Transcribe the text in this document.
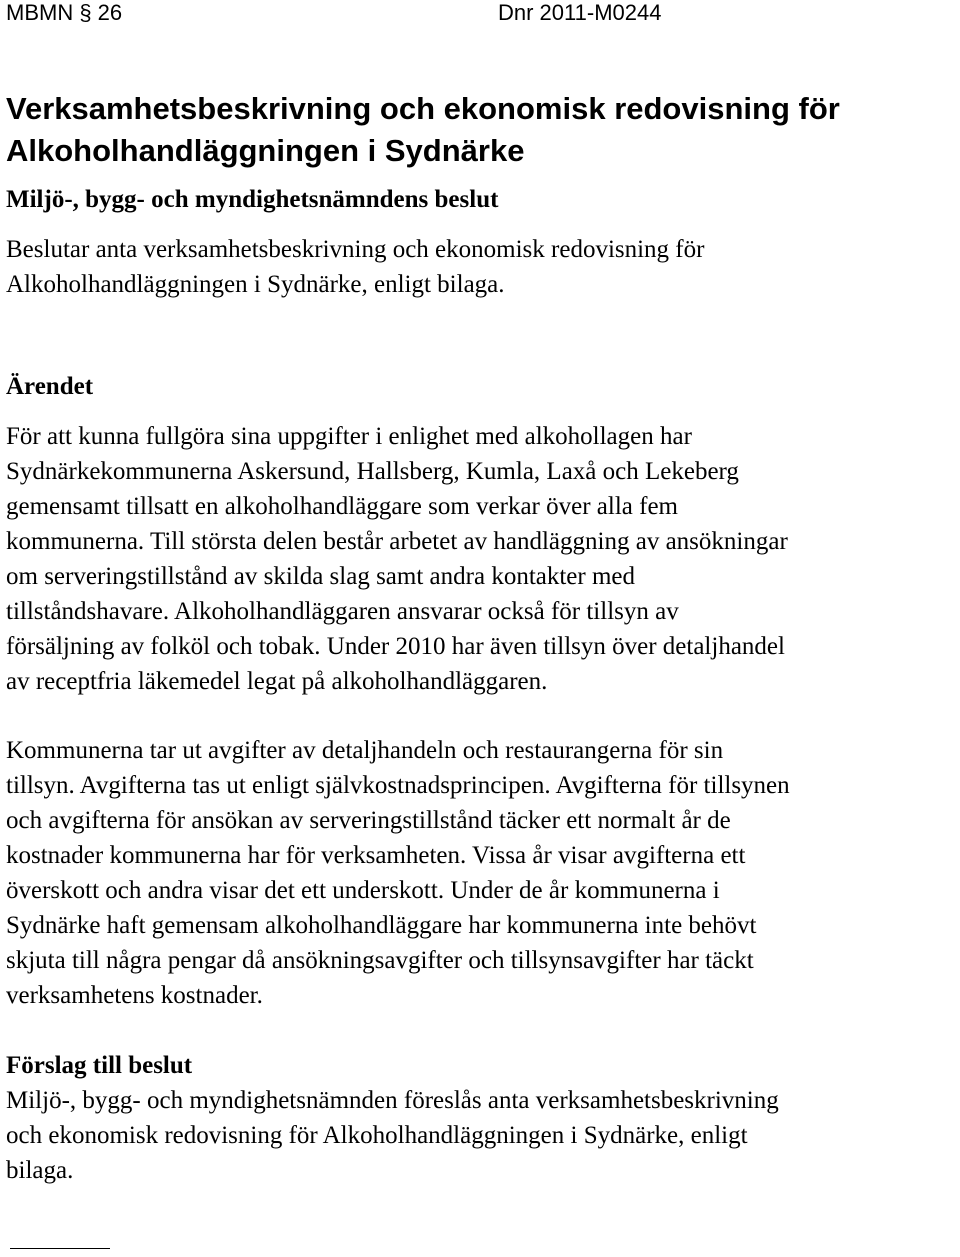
MBMN § 26	Dnr 2011-M0244
Verksamhetsbeskrivning och ekonomisk redovisning för
Alkoholhandläggningen i Sydnärke
Miljö-, bygg- och myndighetsnämndens beslut

Beslutar anta verksamhetsbeskrivning och ekonomisk redovisning för
Alkoholhandläggningen i Sydnärke, enligt bilaga.

Ärendet

För att kunna fullgöra sina uppgifter i enlighet med alkohollagen har
Sydnärkekommunerna Askersund, Hallsberg, Kumla, Laxå och Lekeberg
gemensamt tillsatt en alkoholhandläggare som verkar över alla fem
kommunerna. Till största delen består arbetet av handläggning av ansökningar
om serveringstillstånd av skilda slag samt andra kontakter med
tillståndshavare. Alkoholhandläggaren ansvarar också för tillsyn av
försäljning av folköl och tobak. Under 2010 har även tillsyn över detaljhandel
av receptfria läkemedel legat på alkoholhandläggaren.

Kommunerna tar ut avgifter av detaljhandeln och restaurangerna för sin
tillsyn. Avgifterna tas ut enligt självkostnadsprincipen. Avgifterna för tillsynen
och avgifterna för ansökan av serveringstillstånd täcker ett normalt år de
kostnader kommunerna har för verksamheten. Vissa år visar avgifterna ett
överskott och andra visar det ett underskott. Under de år kommunerna i
Sydnärke haft gemensam alkoholhandläggare har kommunerna inte behövt
skjuta till några pengar då ansökningsavgifter och tillsynsavgifter har täckt
verksamhetens kostnader.

Förslag till beslut

Miljö-, bygg- och myndighetsnämnden föreslås anta verksamhetsbeskrivning
och ekonomisk redovisning för Alkoholhandläggningen i Sydnärke, enligt
bilaga.
